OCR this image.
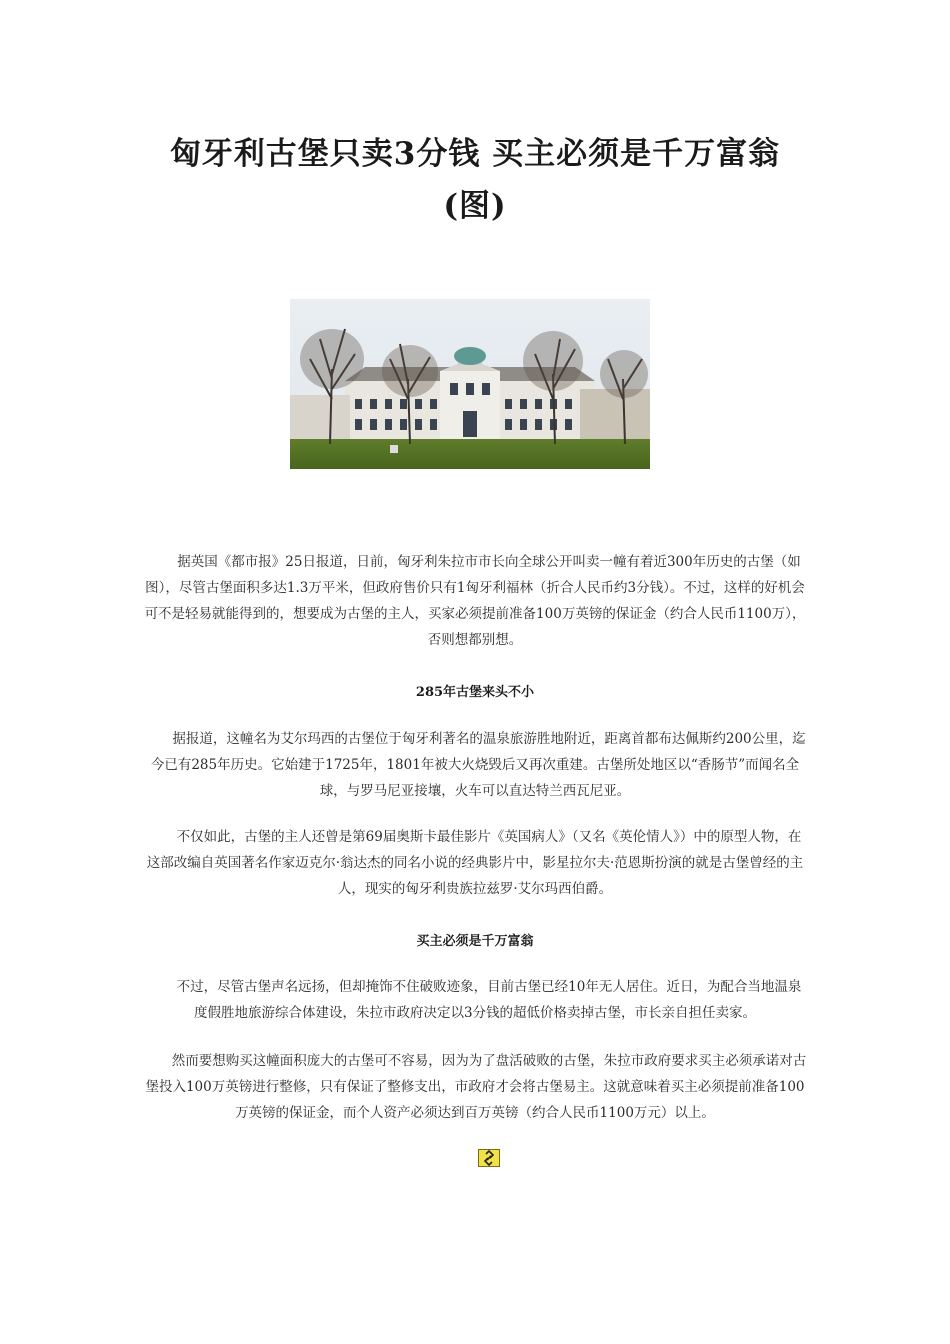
匈牙利古堡只卖3分钱 买主必须是千万富翁
(图)
据英国《都市报》25日报道，日前，匈牙利朱拉市市长向全球公开叫卖一幢有着近300年历史的古堡（如图），尽管古堡面积多达1.3万平米，但政府售价只有1匈牙利福林（折合人民币约3分钱）。不过，这样的好机会可不是轻易就能得到的，想要成为古堡的主人，买家必须提前准备100万英镑的保证金（约合人民币1100万），否则想都别想。
285年古堡来头不小
据报道，这幢名为艾尔玛西的古堡位于匈牙利著名的温泉旅游胜地附近，距离首都布达佩斯约200公里，迄今已有285年历史。它始建于1725年，1801年被大火烧毁后又再次重建。古堡所处地区以“香肠节”而闻名全球，与罗马尼亚接壤，火车可以直达特兰西瓦尼亚。
不仅如此，古堡的主人还曾是第69届奥斯卡最佳影片《英国病人》（又名《英伦情人》）中的原型人物，在这部改编自英国著名作家迈克尔·翁达杰的同名小说的经典影片中，影星拉尔夫·范恩斯扮演的就是古堡曾经的主人，现实的匈牙利贵族拉兹罗·艾尔玛西伯爵。
买主必须是千万富翁
不过，尽管古堡声名远扬，但却掩饰不住破败迹象，目前古堡已经10年无人居住。近日，为配合当地温泉度假胜地旅游综合体建设，朱拉市政府决定以3分钱的超低价格卖掉古堡，市长亲自担任卖家。
然而要想购买这幢面积庞大的古堡可不容易，因为为了盘活破败的古堡，朱拉市政府要求买主必须承诺对古堡投入100万英镑进行整修，只有保证了整修支出，市政府才会将古堡易主。这就意味着买主必须提前准备100万英镑的保证金，而个人资产必须达到百万英镑（约合人民币1100万元）以上。
